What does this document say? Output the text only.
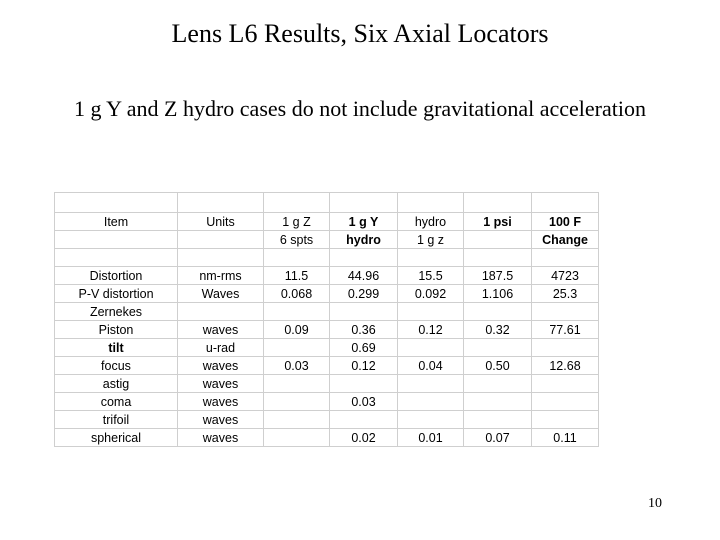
Lens L6 Results, Six Axial Locators
1 g Y and Z hydro cases do not include gravitational acceleration

Item	Units	1 g Z	1 g Y	hydro	1 psi	100 F
		6 spts	hydro	1 g z		Change

Distortion	nm-rms	11.5	44.96	15.5	187.5	4723
P-V distortion	Waves	0.068	0.299	0.092	1.106	25.3
Zernekes						
Piston	waves	0.09	0.36	0.12	0.32	77.61
tilt	u-rad		0.69			
focus	waves	0.03	0.12	0.04	0.50	12.68
astig	waves					
coma	waves		0.03			
trifoil	waves					
spherical	waves		0.02	0.01	0.07	0.11
10
